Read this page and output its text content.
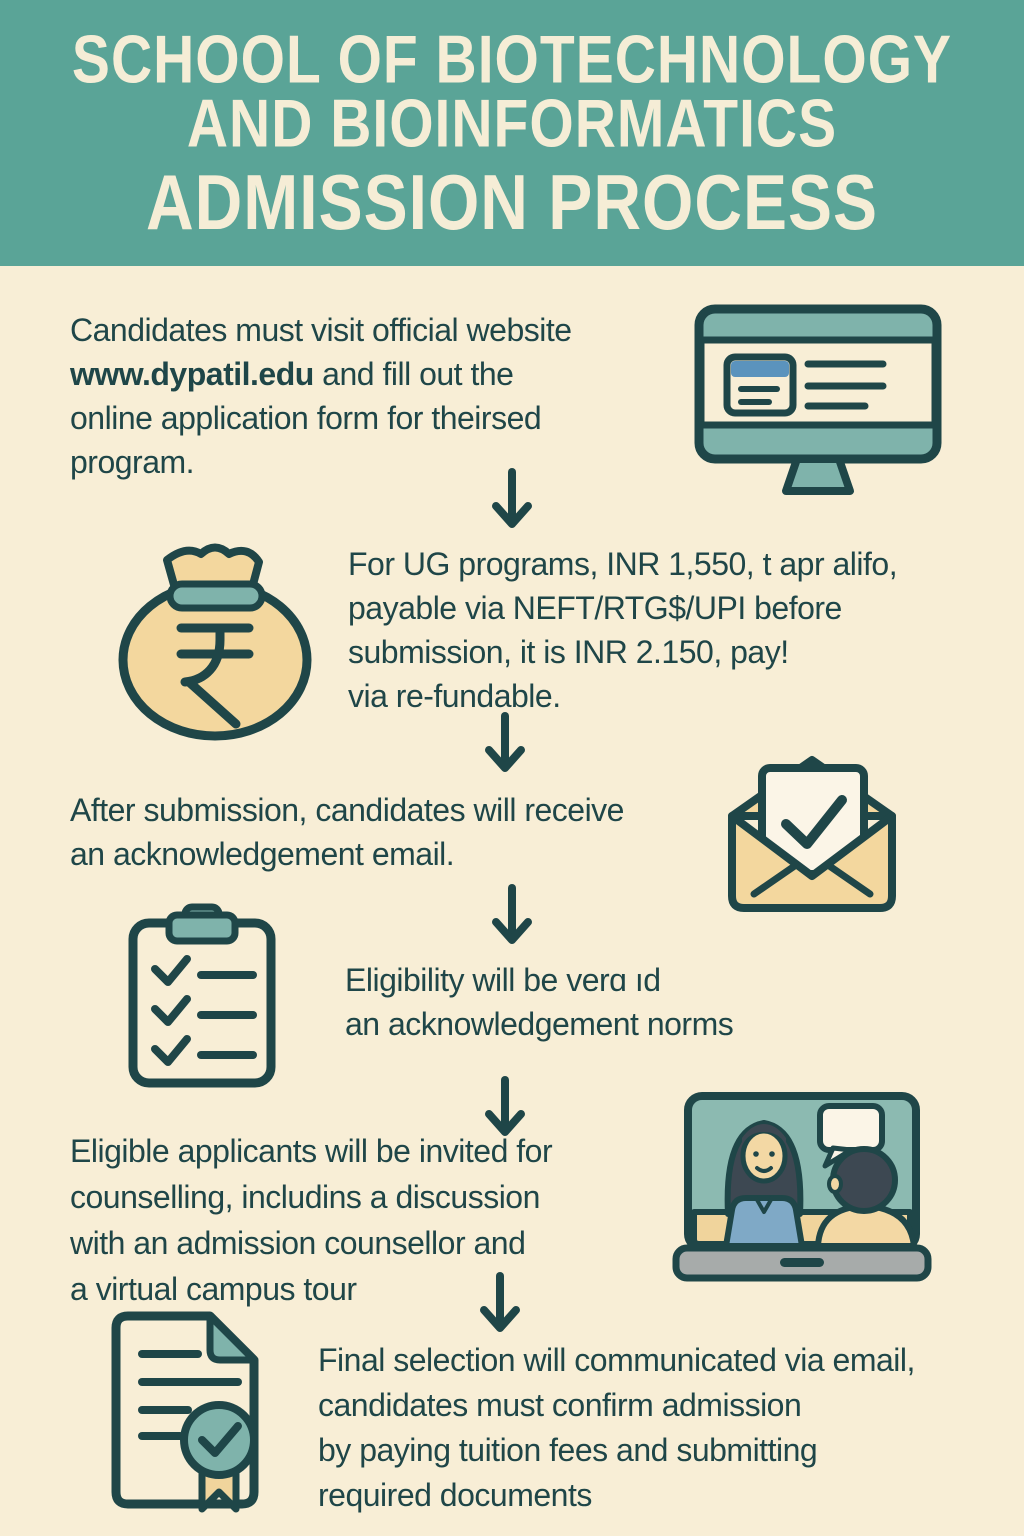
SCHOOL OF BIOTECHNOLOGY
AND BIOINFORMATICS
ADMISSION PROCESS
Candidates must visit official website
www.dypatil.edu and fill out the
online application form for theirsed
program.
For UG programs, INR 1,550, t apr alifo,
payable via NEFT/RTG$/UPI before
submission, it is INR 2.150, pay!
via re-fundable.
After submission, candidates will receive
an acknowledgement email.
Eligibility will be verɑ ıd
an acknowledgement norms
Eligible applicants will be invited for
counselling, includins a discussion
with an admission counsellor and
a virtual campus tour
Final selection will communicated via email,
candidates must confirm admission
by paying tuition fees and submitting
required documents
